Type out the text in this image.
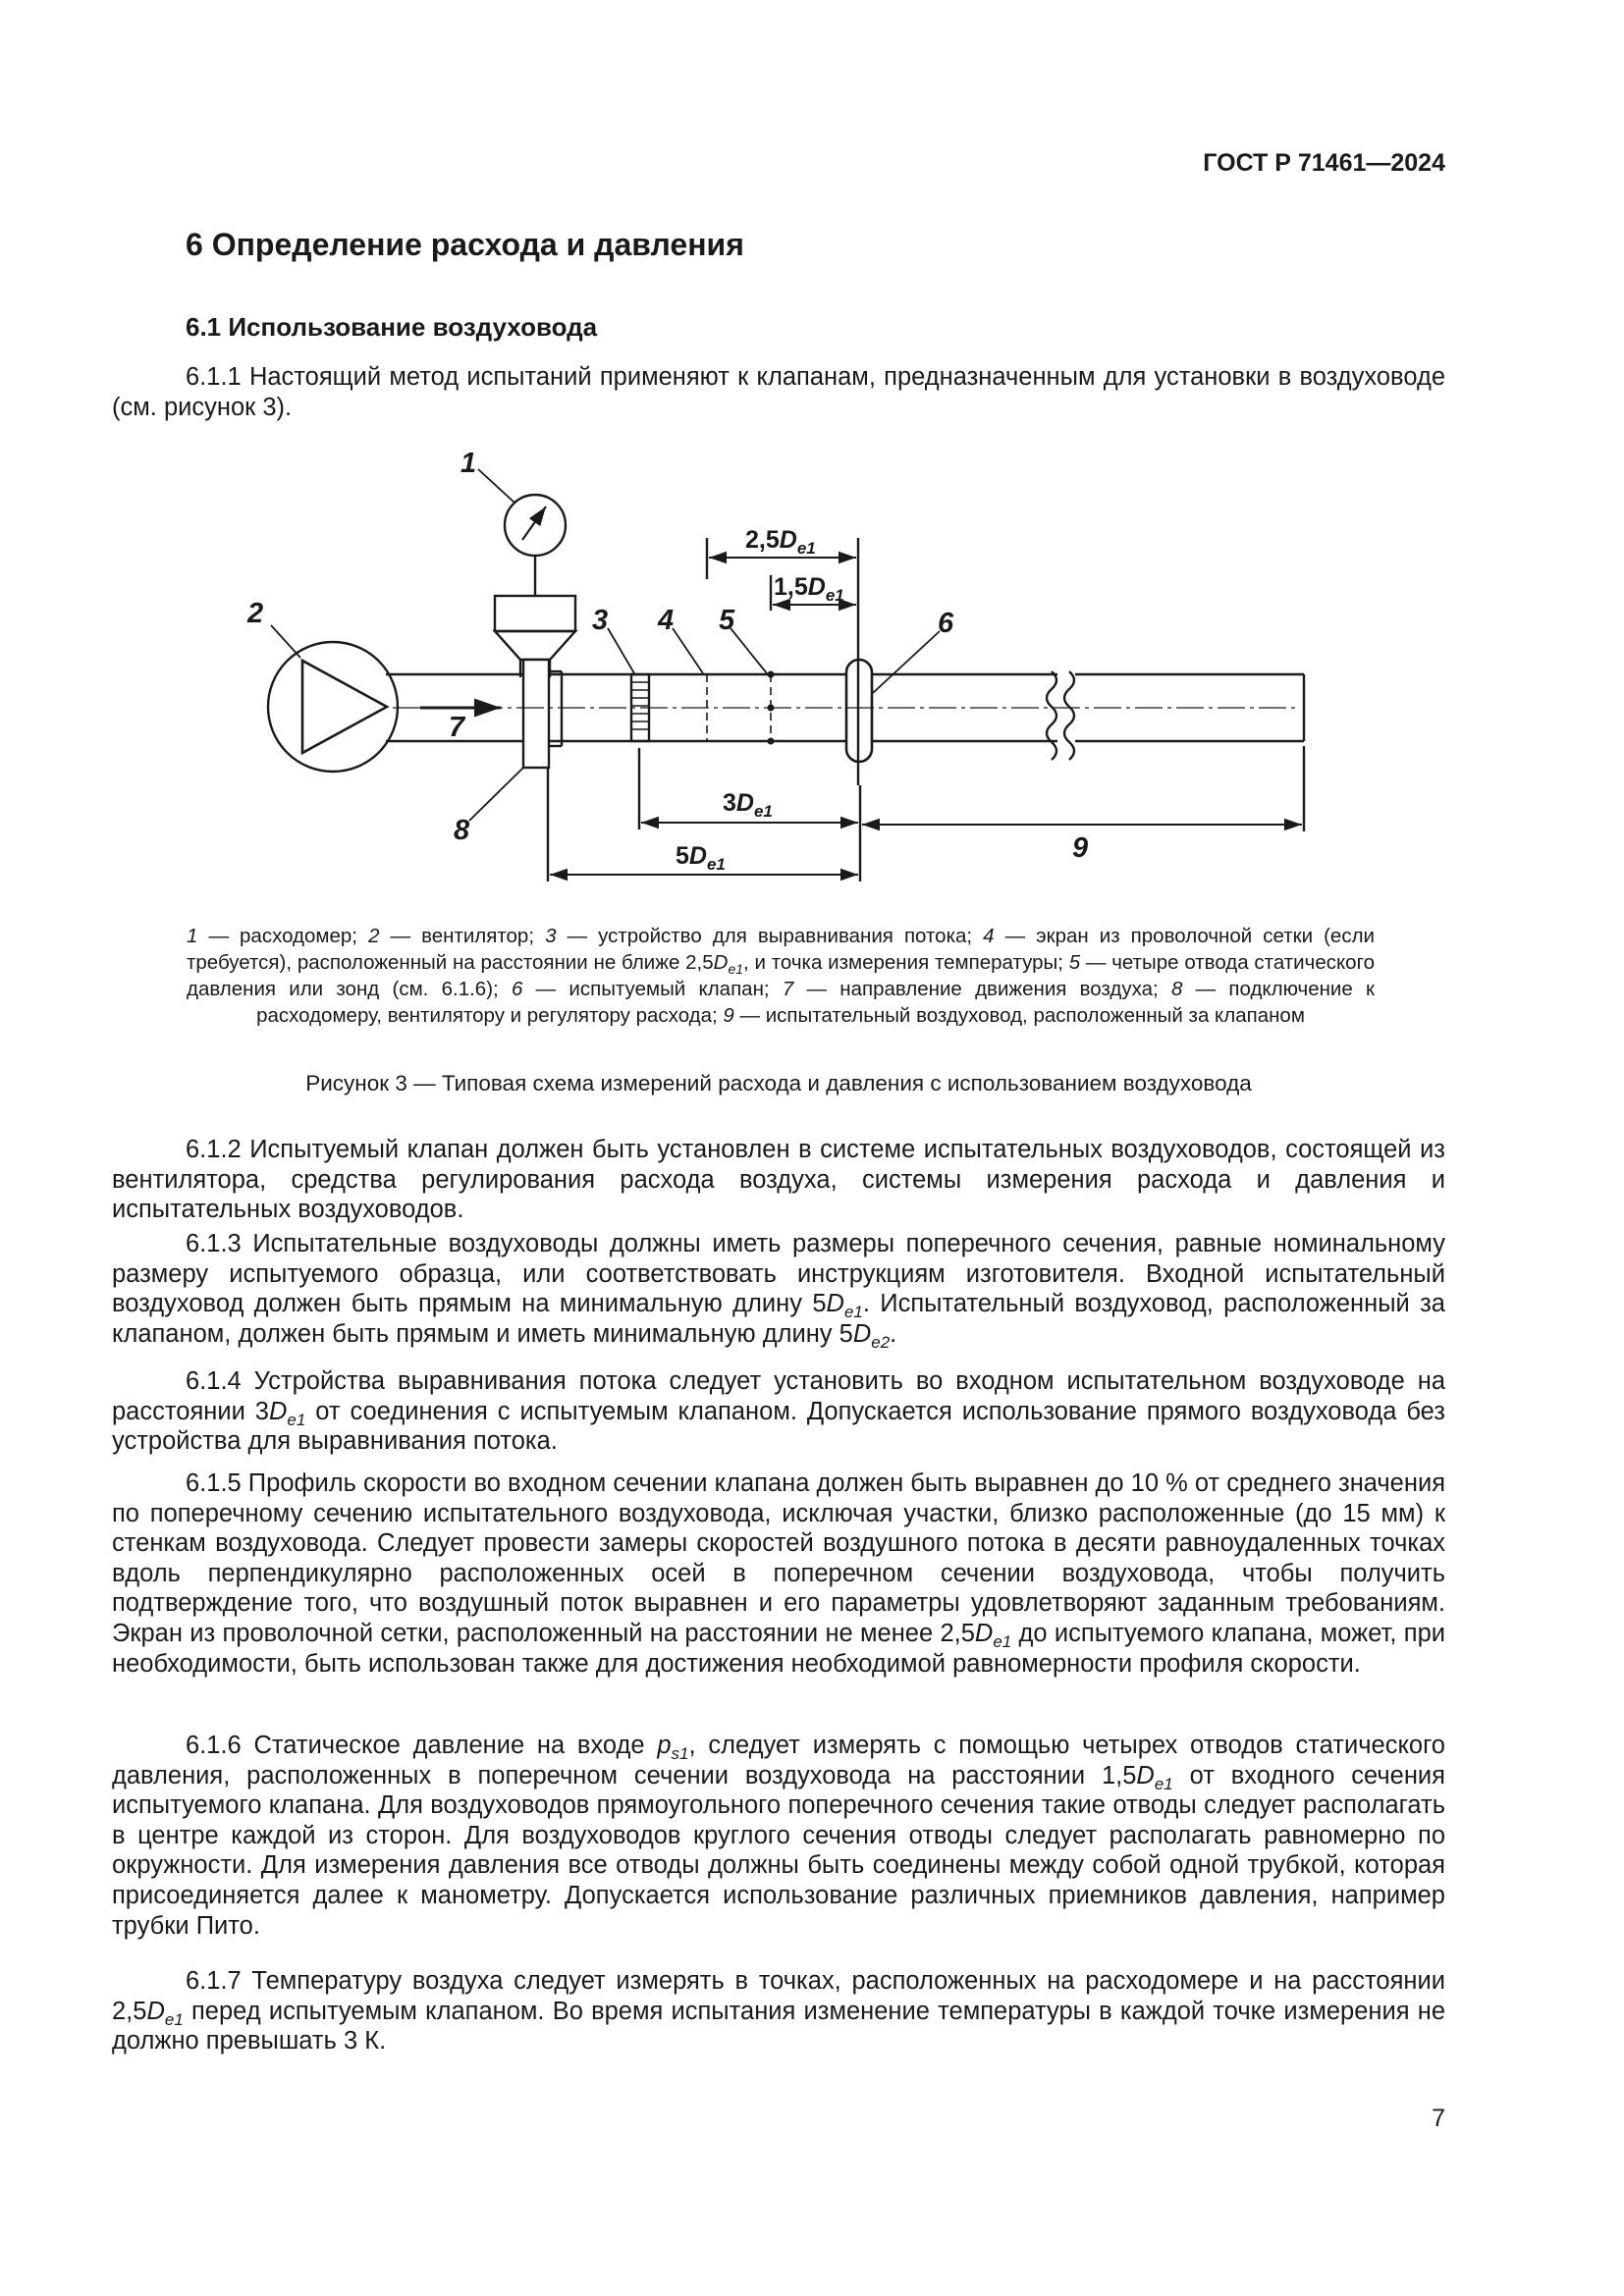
ГОСТ Р 71461—2024
6 Определение расхода и давления
6.1 Использование воздуховода

6.1.1 Настоящий метод испытаний применяют к клапанам, предназначенным для установки в воздуховоде (см. рисунок 3).

1
2	3 4 5	6
7
8
9
$2,5D_{e1}$
$1,5D_{e1}$
$3D_{e1}$
$5D_{e1}$

1 — расходомер; 2 — вентилятор; 3 — устройство для выравнивания потока; 4 — экран из проволочной сетки (если требуется), расположенный на расстоянии не ближе $2,5D_{e1}$, и точка измерения температуры; 5 — четыре отвода статического давления или зонд (см. 6.1.6); 6 — испытуемый клапан; 7 — направление движения воздуха; 8 — подключение к расходомеру, вентилятору и регулятору расхода; 9 — испытательный воздуховод, расположенный за клапаном

Рисунок 3 — Типовая схема измерений расхода и давления с использованием воздуховода

6.1.2 Испытуемый клапан должен быть установлен в системе испытательных воздуховодов, состоящей из вентилятора, средства регулирования расхода воздуха, системы измерения расхода и давления и испытательных воздуховодов.

6.1.3 Испытательные воздуховоды должны иметь размеры поперечного сечения, равные номинальному размеру испытуемого образца, или соответствовать инструкциям изготовителя. Входной испытательный воздуховод должен быть прямым на минимальную длину $5D_{e1}$. Испытательный воздуховод, расположенный за клапаном, должен быть прямым и иметь минимальную длину $5D_{e2}$.

6.1.4 Устройства выравнивания потока следует установить во входном испытательном воздуховоде на расстоянии $3D_{e1}$ от соединения с испытуемым клапаном. Допускается использование прямого воздуховода без устройства для выравнивания потока.

6.1.5 Профиль скорости во входном сечении клапана должен быть выравнен до 10 % от среднего значения по поперечному сечению испытательного воздуховода, исключая участки, близко расположенные (до 15 мм) к стенкам воздуховода. Следует провести замеры скоростей воздушного потока в десяти равноудаленных точках вдоль перпендикулярно расположенных осей в поперечном сечении воздуховода, чтобы получить подтверждение того, что воздушный поток выравнен и его параметры удовлетворяют заданным требованиям. Экран из проволочной сетки, расположенный на расстоянии не менее $2,5D_{e1}$ до испытуемого клапана, может, при необходимости, быть использован также для достижения необходимой равномерности профиля скорости.

6.1.6 Статическое давление на входе $p_{s1}$, следует измерять с помощью четырех отводов статического давления, расположенных в поперечном сечении воздуховода на расстоянии $1,5D_{e1}$ от входного сечения испытуемого клапана. Для воздуховодов прямоугольного поперечного сечения такие отводы следует располагать в центре каждой из сторон. Для воздуховодов круглого сечения отводы следует располагать равномерно по окружности. Для измерения давления все отводы должны быть соединены между собой одной трубкой, которая присоединяется далее к манометру. Допускается использование различных приемников давления, например трубки Пито.

6.1.7 Температуру воздуха следует измерять в точках, расположенных на расходомере и на расстоянии $2,5D_{e1}$ перед испытуемым клапаном. Во время испытания изменение температуры в каждой точке измерения не должно превышать 3 К.

7
